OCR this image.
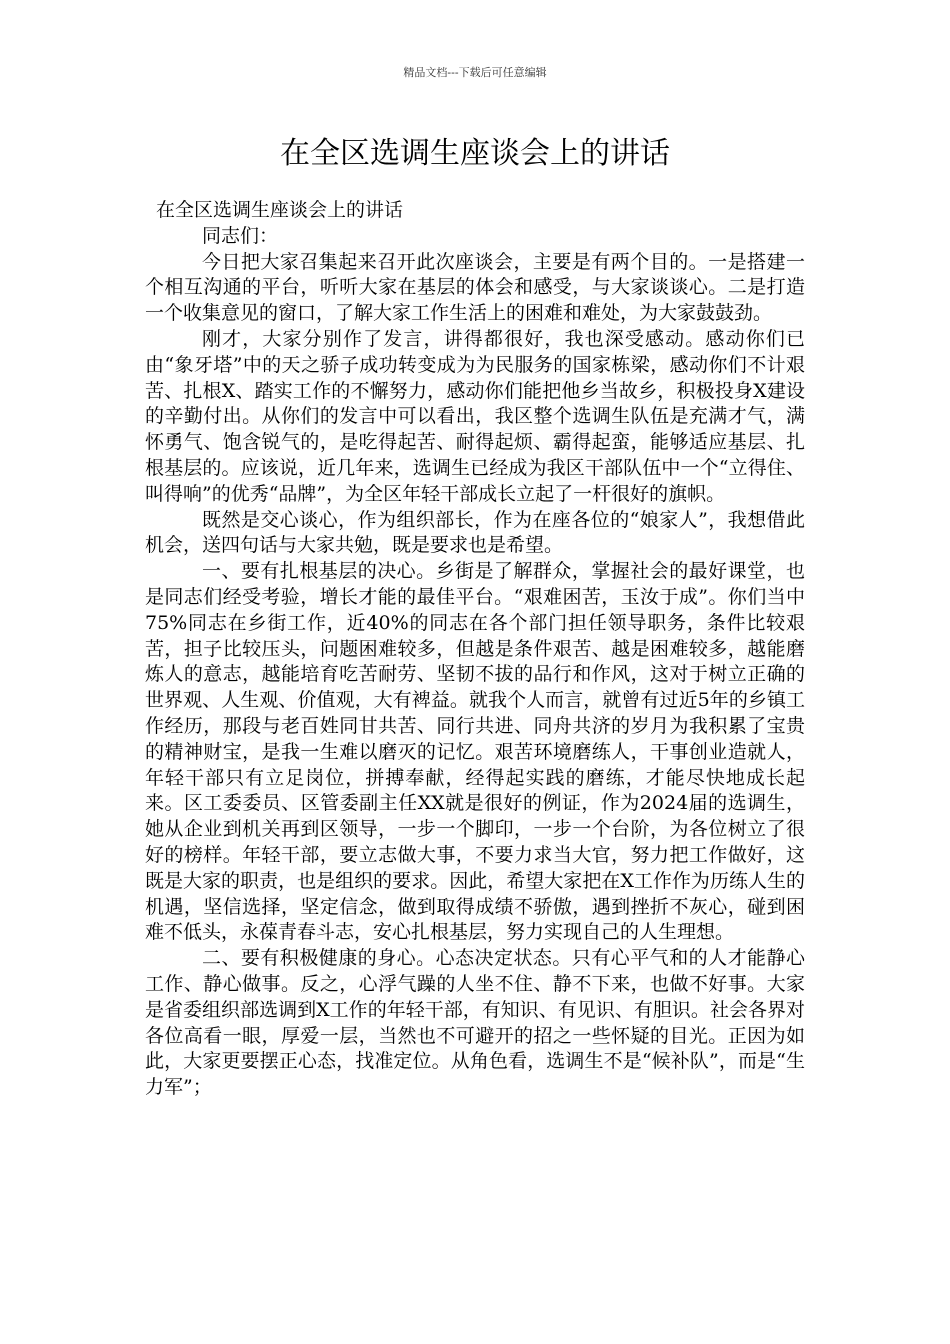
精品文档---下载后可任意编辑
在全区选调生座谈会上的讲话

在全区选调生座谈会上的讲话

同志们：

今日把大家召集起来召开此次座谈会，主要是有两个目的。一是搭建一个相互沟通的平台，听听大家在基层的体会和感受，与大家谈谈心。二是打造一个收集意见的窗口，了解大家工作生活上的困难和难处，为大家鼓鼓劲。

刚才，大家分别作了发言，讲得都很好，我也深受感动。感动你们已由“象牙塔”中的天之骄子成功转变成为为民服务的国家栋梁，感动你们不计艰苦、扎根X、踏实工作的不懈努力，感动你们能把他乡当故乡，积极投身X建设的辛勤付出。从你们的发言中可以看出，我区整个选调生队伍是充满才气，满怀勇气、饱含锐气的，是吃得起苦、耐得起烦、霸得起蛮，能够适应基层、扎根基层的。应该说，近几年来，选调生已经成为我区干部队伍中一个“立得住、叫得响”的优秀“品牌”，为全区年轻干部成长立起了一杆很好的旗帜。

既然是交心谈心，作为组织部长，作为在座各位的“娘家人”，我想借此机会，送四句话与大家共勉，既是要求也是希望。

一、要有扎根基层的决心。乡街是了解群众，掌握社会的最好课堂，也是同志们经受考验，增长才能的最佳平台。“艰难困苦，玉汝于成”。你们当中75%同志在乡街工作，近40%的同志在各个部门担任领导职务，条件比较艰苦，担子比较压头，问题困难较多，但越是条件艰苦、越是困难较多，越能磨炼人的意志，越能培育吃苦耐劳、坚韧不拔的品行和作风，这对于树立正确的世界观、人生观、价值观，大有裨益。就我个人而言，就曾有过近5年的乡镇工作经历，那段与老百姓同甘共苦、同行共进、同舟共济的岁月为我积累了宝贵的精神财宝，是我一生难以磨灭的记忆。艰苦环境磨练人，干事创业造就人，年轻干部只有立足岗位，拼搏奉献，经得起实践的磨练，才能尽快地成长起来。区工委委员、区管委副主任XX就是很好的例证，作为2024届的选调生，她从企业到机关再到区领导，一步一个脚印，一步一个台阶，为各位树立了很好的榜样。年轻干部，要立志做大事，不要力求当大官，努力把工作做好，这既是大家的职责，也是组织的要求。因此，希望大家把在X工作作为历练人生的机遇，坚信选择，坚定信念，做到取得成绩不骄傲，遇到挫折不灰心，碰到困难不低头，永葆青春斗志，安心扎根基层，努力实现自己的人生理想。

二、要有积极健康的身心。心态决定状态。只有心平气和的人才能静心工作、静心做事。反之，心浮气躁的人坐不住、静不下来，也做不好事。大家是省委组织部选调到X工作的年轻干部，有知识、有见识、有胆识。社会各界对各位高看一眼，厚爱一层，当然也不可避开的招之一些怀疑的目光。正因为如此，大家更要摆正心态，找准定位。从角色看，选调生不是“候补队”，而是“生力军”；
